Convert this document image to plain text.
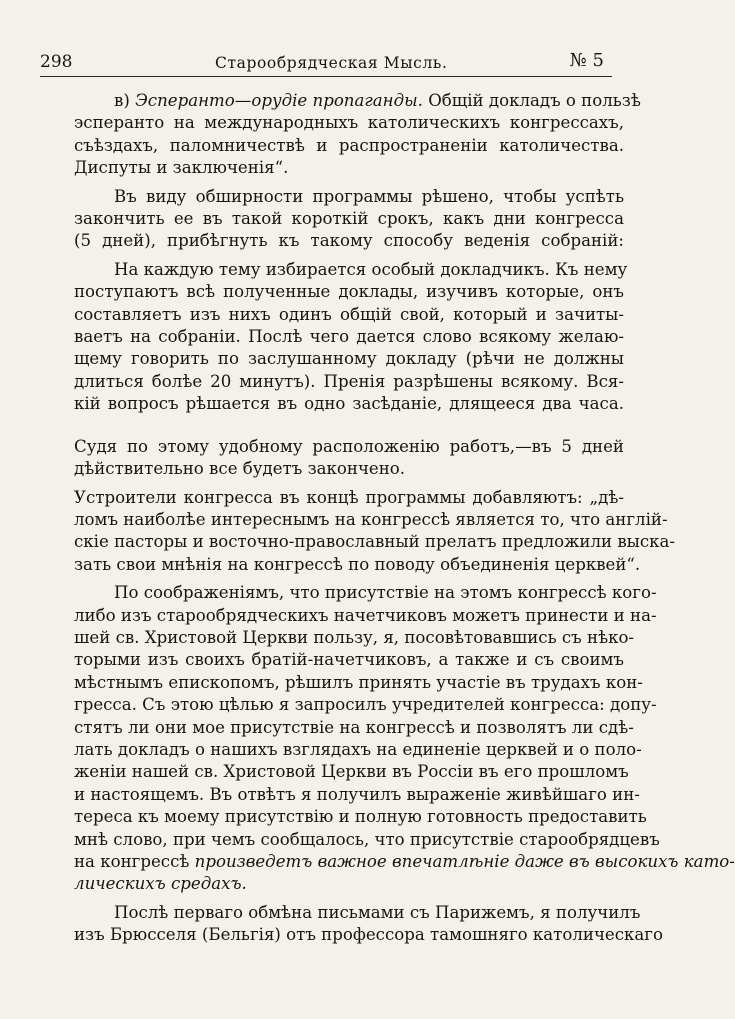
298	Старообрядческая Мысль.	№ 5
в) Эсперанто—орудіе пропаганды. Общій докладъ о пользѣ
эсперанто на международныхъ католическихъ конгрессахъ,
съѣздахъ, паломничествѣ и распространеніи католичества.
Диспуты и заключенія“.
Въ виду обширности программы рѣшено, чтобы успѣть
закончить ее въ такой короткій срокъ, какъ дни конгресса
(5 дней), прибѣгнуть къ такому способу веденія собраній:
На каждую тему избирается особый докладчикъ. Къ нему
поступаютъ всѣ полученные доклады, изучивъ которые, онъ
составляетъ изъ нихъ одинъ общій свой, который и зачиты-
ваетъ на собраніи. Послѣ чего дается слово всякому желаю-
щему говорить по заслушанному докладу (рѣчи не должны
длиться болѣе 20 минутъ). Пренія разрѣшены всякому. Вся-
кій вопросъ рѣшается въ одно засѣданіе, длящееся два часа.
Судя по этому удобному расположенію работъ,—въ 5 дней
дѣйствительно все будетъ закончено.
Устроители конгресса въ концѣ программы добавляютъ: „дѣ-
ломъ наиболѣе интереснымъ на конгрессѣ является то, что англій-
скіе пасторы и восточно-православный прелатъ предложили выска-
зать свои мнѣнія на конгрессѣ по поводу объединенія церквей“.
По соображеніямъ, что присутствіе на этомъ конгрессѣ кого-
либо изъ старообрядческихъ начетчиковъ можетъ принести и на-
шей св. Христовой Церкви пользу, я, посовѣтовавшись съ нѣко-
торыми изъ своихъ братій-начетчиковъ, а также и съ своимъ
мѣстнымъ епископомъ, рѣшилъ принять участіе въ трудахъ кон-
гресса. Съ этою цѣлью я запросилъ учредителей конгресса: допу-
стятъ ли они мое присутствіе на конгрессѣ и позволятъ ли сдѣ-
лать докладъ о нашихъ взглядахъ на единеніе церквей и о поло-
женіи нашей св. Христовой Церкви въ Россіи въ его прошломъ
и настоящемъ. Въ отвѣтъ я получилъ выраженіе живѣйшаго ин-
тереса къ моему присутствію и полную готовность предоставить
мнѣ слово, при чемъ сообщалось, что присутствіе старообрядцевъ
на конгрессѣ произведетъ важное впечатлѣніе даже въ высокихъ като-
лическихъ средахъ.
Послѣ перваго обмѣна письмами съ Парижемъ, я получилъ
изъ Брюсселя (Бельгія) отъ профессора тамошняго католическаго
